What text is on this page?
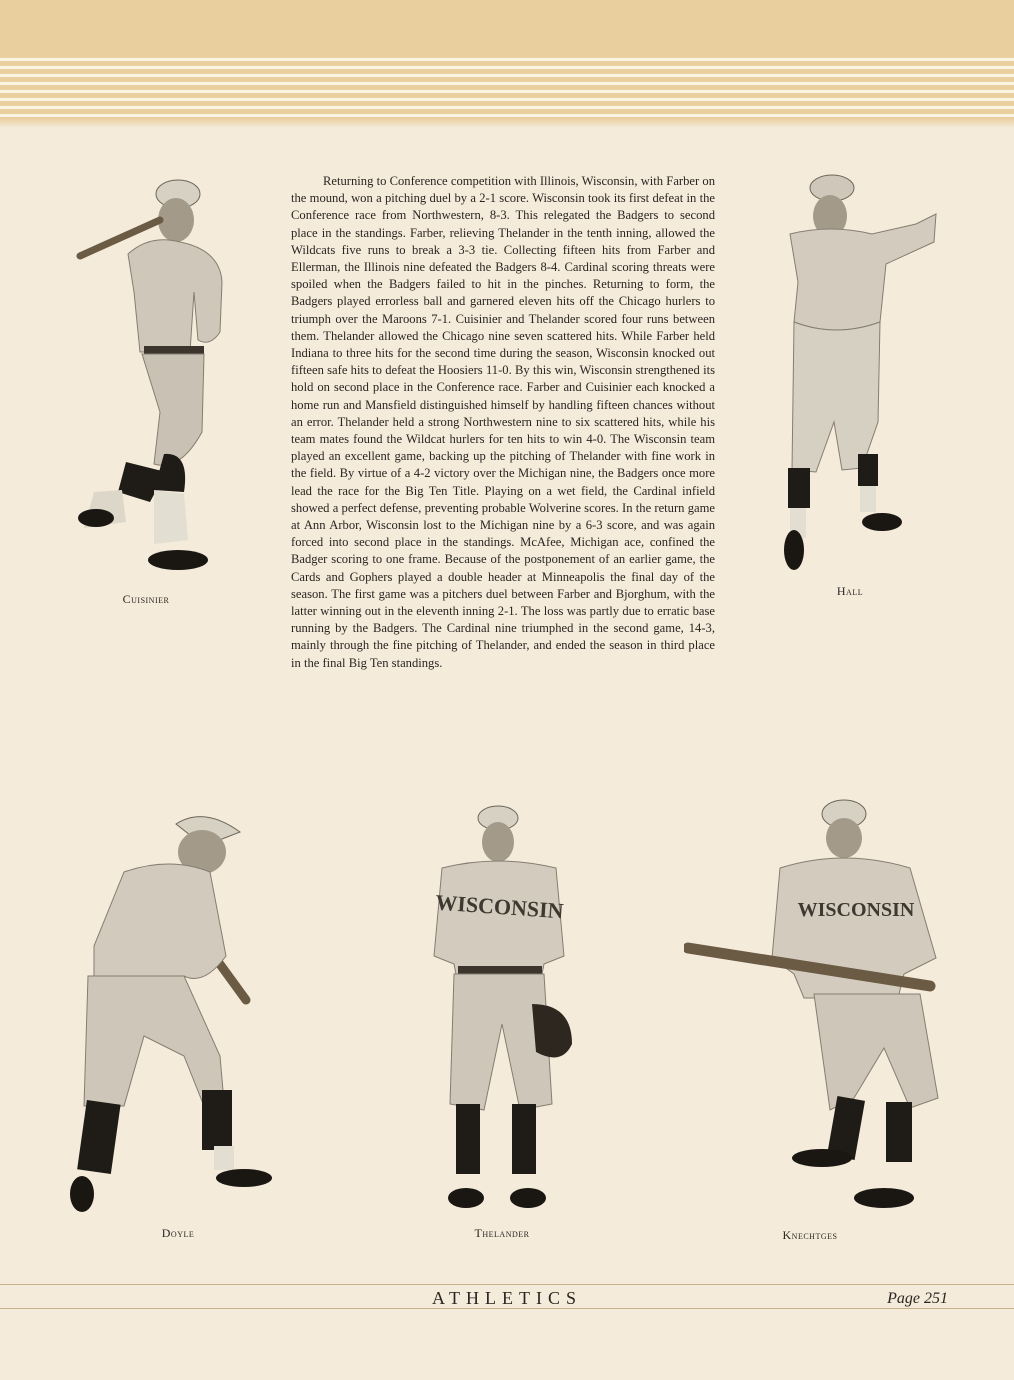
Returning to Conference competition with Illinois, Wisconsin, with Farber on the mound, won a pitching duel by a 2-1 score. Wisconsin took its first defeat in the Conference race from Northwestern, 8-3. This relegated the Badgers to second place in the standings. Farber, relieving Thelander in the tenth inning, allowed the Wildcats five runs to break a 3-3 tie. Collecting fifteen hits from Farber and Ellerman, the Illinois nine defeated the Badgers 8-4. Cardinal scoring threats were spoiled when the Badgers failed to hit in the pinches. Returning to form, the Badgers played errorless ball and garnered eleven hits off the Chicago hurlers to triumph over the Maroons 7-1. Cuisinier and Thelander scored four runs between them. Thelander allowed the Chicago nine seven scattered hits. While Farber held Indiana to three hits for the second time during the season, Wisconsin knocked out fifteen safe hits to defeat the Hoosiers 11-0. By this win, Wisconsin strengthened its hold on second place in the Conference race. Farber and Cuisinier each knocked a home run and Mansfield distinguished himself by handling fifteen chances without an error. Thelander held a strong Northwestern nine to six scattered hits, while his team mates found the Wildcat hurlers for ten hits to win 4-0. The Wisconsin team played an excellent game, backing up the pitching of Thelander with fine work in the field. By virtue of a 4-2 victory over the Michigan nine, the Badgers once more lead the race for the Big Ten Title. Playing on a wet field, the Cardinal infield showed a perfect defense, preventing probable Wolverine scores. In the return game at Ann Arbor, Wisconsin lost to the Michigan nine by a 6-3 score, and was again forced into second place in the standings. McAfee, Michigan ace, confined the Badger scoring to one frame. Because of the postponement of an earlier game, the Cards and Gophers played a double header at Minneapolis the final day of the season. The first game was a pitchers duel between Farber and Bjorghum, with the latter winning out in the eleventh inning 2-1. The loss was partly due to erratic base running by the Badgers. The Cardinal nine triumphed in the second game, 14-3, mainly through the fine pitching of Thelander, and ended the season in third place in the final Big Ten standings.

Cuisinier
Hall
Doyle
WISCONSIN
Thelander
WISCONSIN
Knechtges
ATHLETICS	Page 251
